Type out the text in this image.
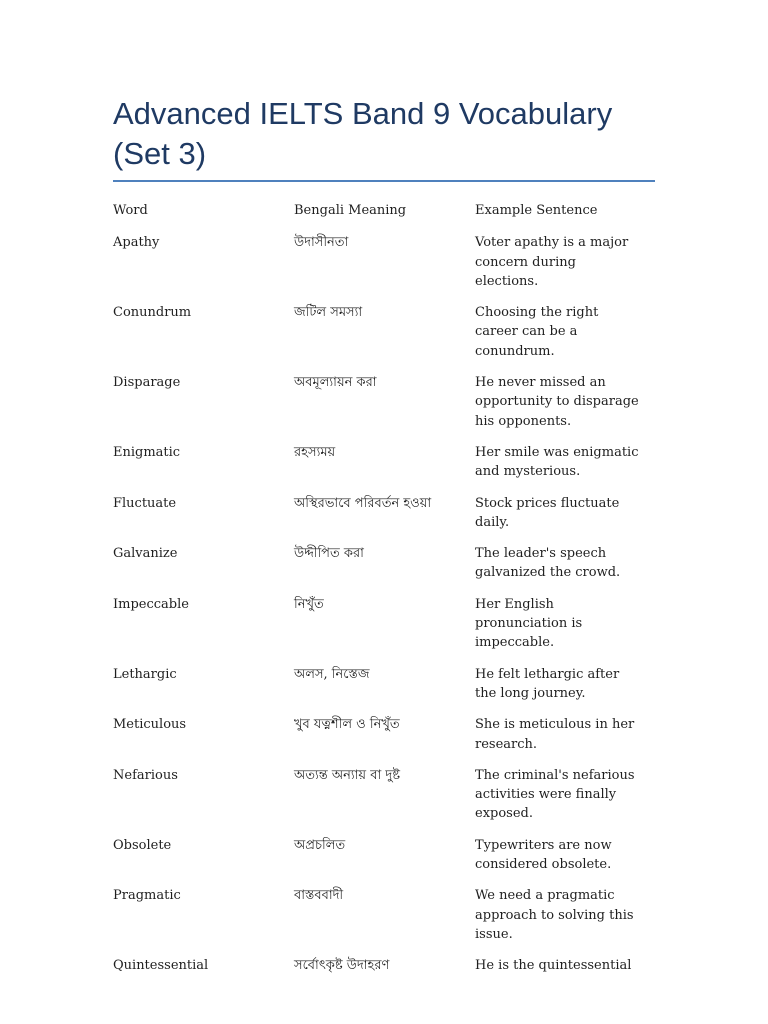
Advanced IELTS Band 9 Vocabulary (Set 3)
Word	Bengali Meaning	Example Sentence
Apathy	উদাসীনতা	Voter apathy is a major concern during elections.
Conundrum	জটিল সমস্যা	Choosing the right career can be a conundrum.
Disparage	অবমূল্যায়ন করা	He never missed an opportunity to disparage his opponents.
Enigmatic	রহস্যময়	Her smile was enigmatic and mysterious.
Fluctuate	অস্থিরভাবে পরিবর্তন হওয়া	Stock prices fluctuate daily.
Galvanize	উদ্দীপিত করা	The leader's speech galvanized the crowd.
Impeccable	নিখুঁত	Her English pronunciation is impeccable.
Lethargic	অলস, নিস্তেজ	He felt lethargic after the long journey.
Meticulous	খুব যত্নশীল ও নিখুঁত	She is meticulous in her research.
Nefarious	অত্যন্ত অন্যায় বা দুষ্ট	The criminal's nefarious activities were finally exposed.
Obsolete	অপ্রচলিত	Typewriters are now considered obsolete.
Pragmatic	বাস্তববাদী	We need a pragmatic approach to solving this issue.
Quintessential	সর্বোৎকৃষ্ট উদাহরণ	He is the quintessential
